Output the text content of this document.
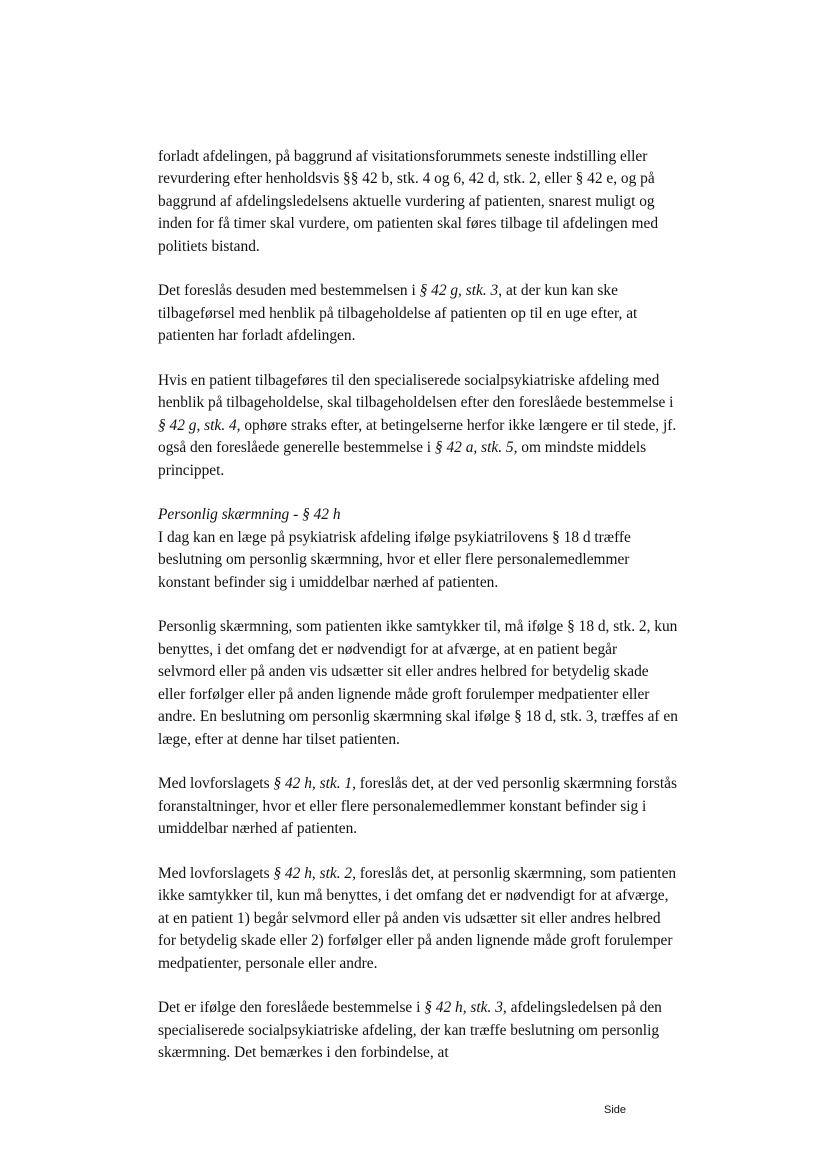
forladt afdelingen, på baggrund af visitationsforummets seneste indstilling eller revurdering efter henholdsvis §§ 42 b, stk. 4 og 6, 42 d, stk. 2, eller § 42 e, og på baggrund af afdelingsledelsens aktuelle vurdering af patienten, snarest muligt og inden for få timer skal vurdere, om patienten skal føres tilbage til afdelingen med politiets bistand.

Det foreslås desuden med bestemmelsen i § 42 g, stk. 3, at der kun kan ske tilbageførsel med henblik på tilbageholdelse af patienten op til en uge efter, at patienten har forladt afdelingen.

Hvis en patient tilbageføres til den specialiserede socialpsykiatriske afdeling med henblik på tilbageholdelse, skal tilbageholdelsen efter den foreslåede bestemmelse i § 42 g, stk. 4, ophøre straks efter, at betingelserne herfor ikke længere er til stede, jf. også den foreslåede generelle bestemmelse i § 42 a, stk. 5, om mindste middels princippet.

Personlig skærmning - § 42 h

I dag kan en læge på psykiatrisk afdeling ifølge psykiatrilovens § 18 d træffe beslutning om personlig skærmning, hvor et eller flere personalemedlemmer konstant befinder sig i umiddelbar nærhed af patienten.

Personlig skærmning, som patienten ikke samtykker til, må ifølge § 18 d, stk. 2, kun benyttes, i det omfang det er nødvendigt for at afværge, at en patient begår selvmord eller på anden vis udsætter sit eller andres helbred for betydelig skade eller forfølger eller på anden lignende måde groft forulemper medpatienter eller andre. En beslutning om personlig skærmning skal ifølge § 18 d, stk. 3, træffes af en læge, efter at denne har tilset patienten.

Med lovforslagets § 42 h, stk. 1, foreslås det, at der ved personlig skærmning forstås foranstaltninger, hvor et eller flere personalemedlemmer konstant befinder sig i umiddelbar nærhed af patienten.

Med lovforslagets § 42 h, stk. 2, foreslås det, at personlig skærmning, som patienten ikke samtykker til, kun må benyttes, i det omfang det er nødvendigt for at afværge, at en patient 1) begår selvmord eller på anden vis udsætter sit eller andres helbred for betydelig skade eller 2) forfølger eller på anden lignende måde groft forulemper medpatienter, personale eller andre.

Det er ifølge den foreslåede bestemmelse i § 42 h, stk. 3, afdelingsledelsen på den specialiserede socialpsykiatriske afdeling, der kan træffe beslutning om personlig skærmning. Det bemærkes i den forbindelse, at

Side
